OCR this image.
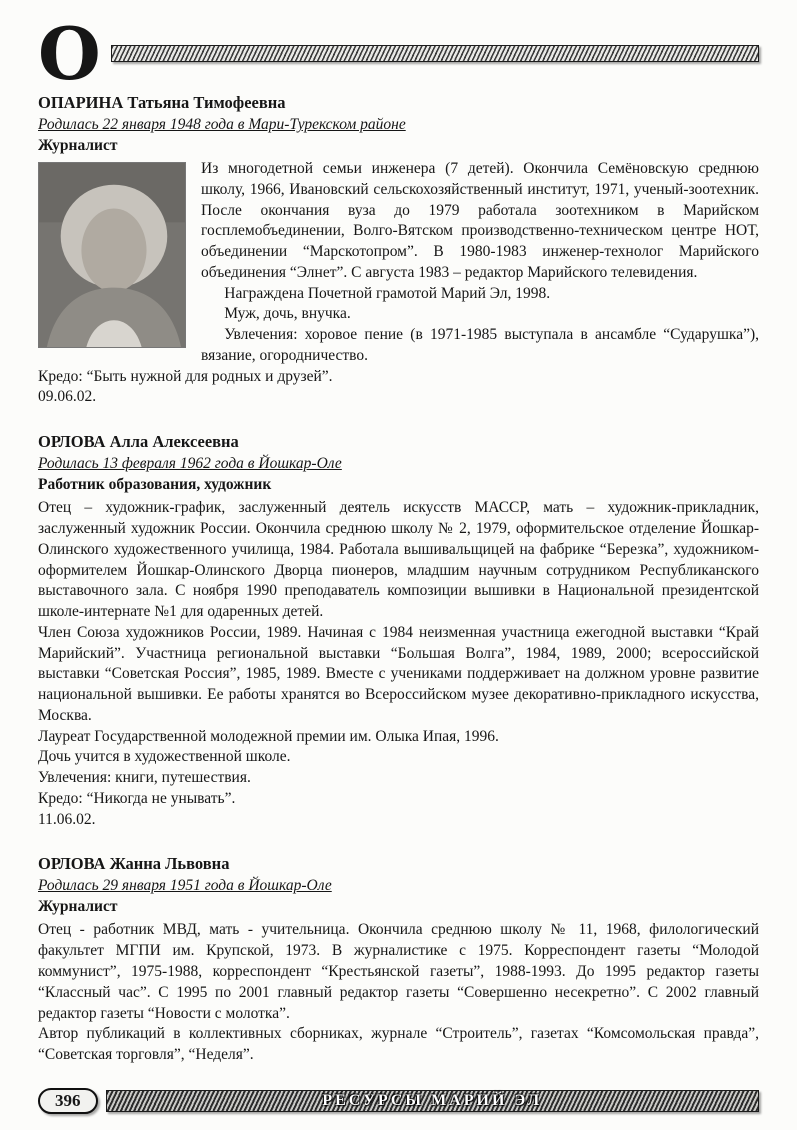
О
ОПАРИНА Татьяна Тимофеевна
Родилась 22 января 1948 года в Мари-Турекском районе
Журналист

Из многодетной семьи инженера (7 детей). Окончила Семёновскую среднюю школу, 1966, Ивановский сельскохозяйственный институт, 1971, ученый-зоотехник. После окончания вуза до 1979 работала зоотехником в Марийском госплемобъединении, Волго-Вятском производственно-техническом центре НОТ, объединении “Марскотопром”. В 1980-1983 инженер-технолог Марийского объединения “Элнет”. С августа 1983 – редактор Марийского телевидения.

Награждена Почетной грамотой Марий Эл, 1998.

Муж, дочь, внучка.

Увлечения: хоровое пение (в 1971-1985 выступала в ансамбле “Сударушка”), вязание, огородничество.

Кредо: “Быть нужной для родных и друзей”.

09.06.02.

ОРЛОВА Алла Алексеевна
Родилась 13 февраля 1962 года в Йошкар-Оле
Работник образования, художник

Отец – художник-график, заслуженный деятель искусств МАССР, мать – художник-прикладник, заслуженный художник России. Окончила среднюю школу № 2, 1979, оформительское отделение Йошкар-Олинского художественного училища, 1984. Работала вышивальщицей на фабрике “Березка”, художником-оформителем Йошкар-Олинского Дворца пионеров, младшим научным сотрудником Республиканского выставочного зала. С ноября 1990 преподаватель композиции вышивки в Национальной президентской школе-интернате №1 для одаренных детей.

Член Союза художников России, 1989. Начиная с 1984 неизменная участница ежегодной выставки “Край Марийский”. Участница региональной выставки “Большая Волга”, 1984, 1989, 2000; всероссийской выставки “Советская Россия”, 1985, 1989. Вместе с учениками поддерживает на должном уровне развитие национальной вышивки. Ее работы хранятся во Всероссийском музее декоративно-прикладного искусства, Москва.

Лауреат Государственной молодежной премии им. Олыка Ипая, 1996.

Дочь учится в художественной школе.

Увлечения: книги, путешествия.

Кредо: “Никогда не унывать”.

11.06.02.

ОРЛОВА Жанна Львовна
Родилась 29 января 1951 года в Йошкар-Оле
Журналист

Отец - работник МВД, мать - учительница. Окончила среднюю школу № 11, 1968, филологический факультет МГПИ им. Крупской, 1973. В журналистике с 1975. Корреспондент газеты “Молодой коммунист”, 1975-1988, корреспондент “Крестьянской газеты”, 1988-1993. До 1995 редактор газеты “Классный час”. С 1995 по 2001 главный редактор газеты “Совершенно несекретно”. С 2002 главный редактор газеты “Новости с молотка”.

Автор публикаций в коллективных сборниках, журнале “Строитель”, газетах “Комсомольская правда”, “Советская торговля”, “Неделя”.

396	РЕСУРСЫ МАРИЙ ЭЛ
